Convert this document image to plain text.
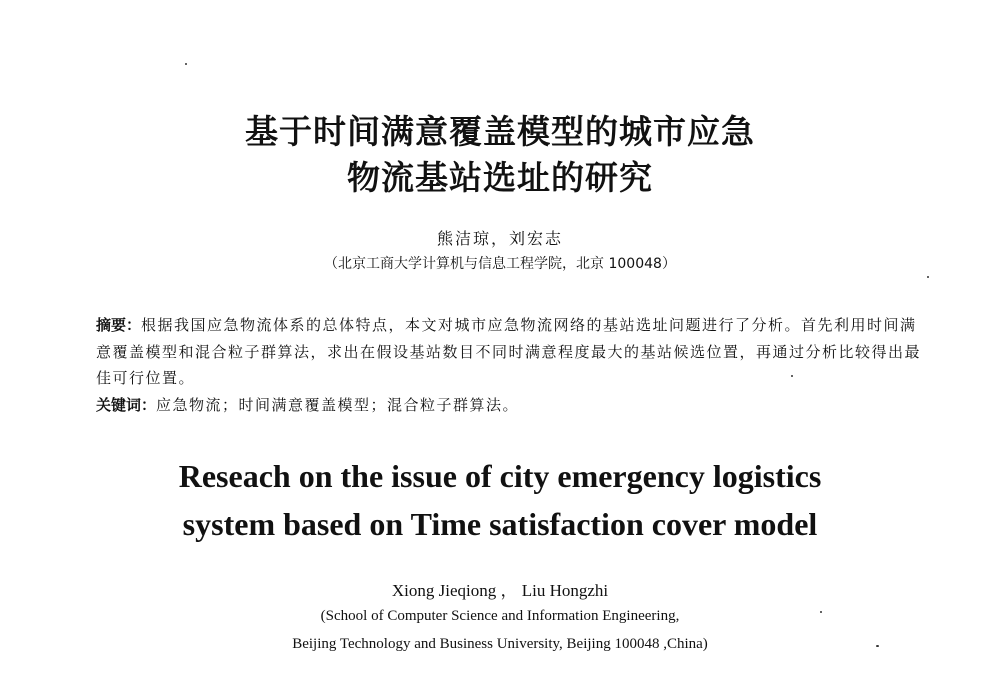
基于时间满意覆盖模型的城市应急
物流基站选址的研究
熊洁琼，刘宏志
（北京工商大学计算机与信息工程学院，北京 100048）

摘要：根据我国应急物流体系的总体特点，本文对城市应急物流网络的基站选址问题进行了分析。首先利用时间满意覆盖模型和混合粒子群算法，求出在假设基站数目不同时满意程度最大的基站候选位置，再通过分析比较得出最佳可行位置。

关键词：应急物流；时间满意覆盖模型；混合粒子群算法。

Reseach on the issue of city emergency logistics
system based on Time satisfaction cover model
Xiong Jieqiong ， Liu Hongzhi
(School of Computer Science and Information Engineering,
Beijing Technology and Business University, Beijing 100048 ,China)
